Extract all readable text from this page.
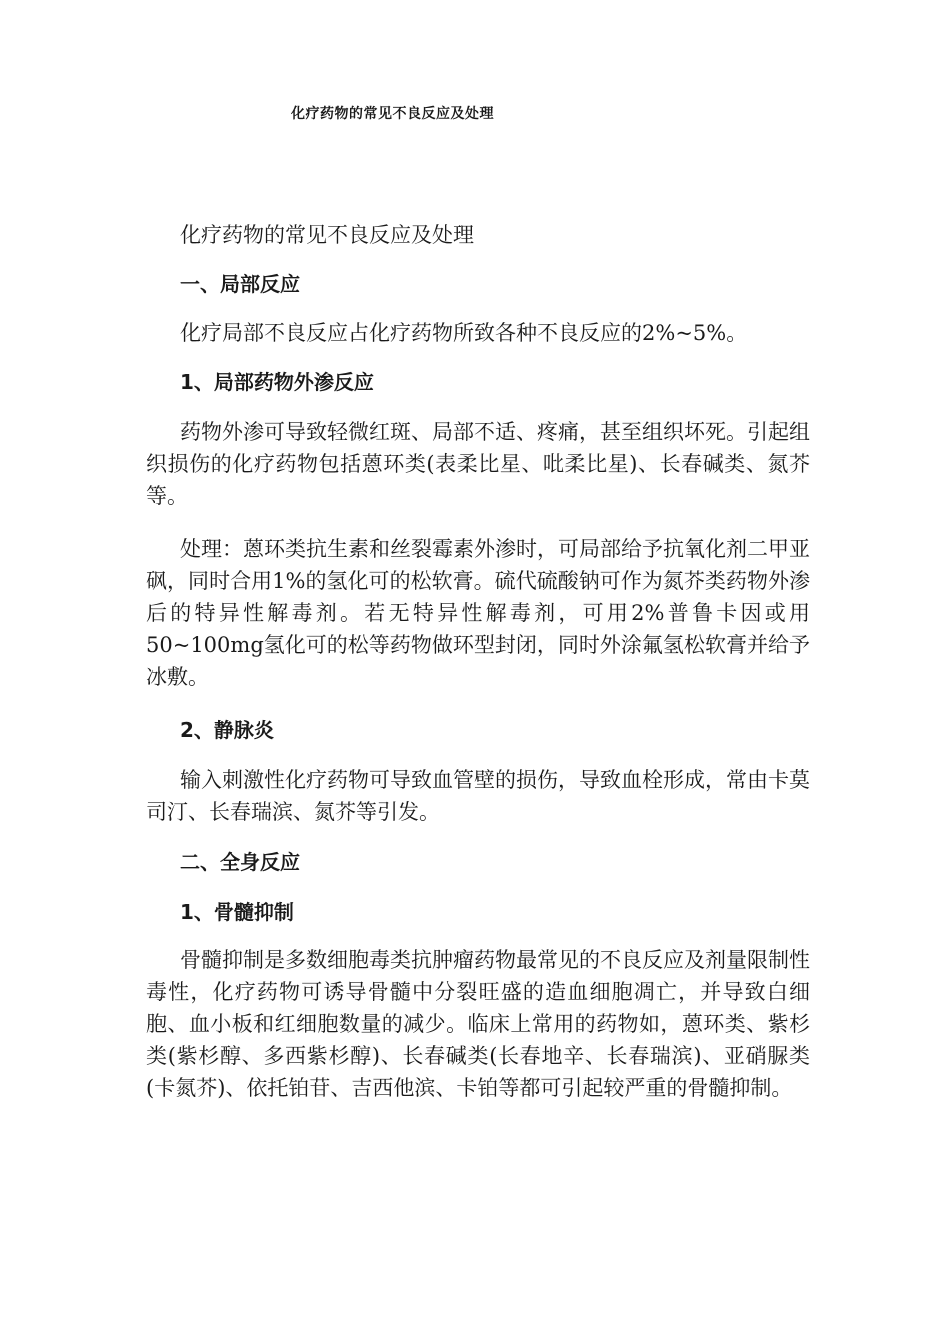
化疗药物的常见不良反应及处理

化疗药物的常见不良反应及处理

一、局部反应

化疗局部不良反应占化疗药物所致各种不良反应的2%~5%。

1、局部药物外渗反应

药物外渗可导致轻微红斑、局部不适、疼痛，甚至组织坏死。引起组织损伤的化疗药物包括蒽环类(表柔比星、吡柔比星)、长春碱类、氮芥等。

处理：蒽环类抗生素和丝裂霉素外渗时，可局部给予抗氧化剂二甲亚砜，同时合用1%的氢化可的松软膏。硫代硫酸钠可作为氮芥类药物外渗后的特异性解毒剂。若无特异性解毒剂，可用2%普鲁卡因或用50~100mg氢化可的松等药物做环型封闭，同时外涂氟氢松软膏并给予冰敷。

2、静脉炎

输入刺激性化疗药物可导致血管壁的损伤，导致血栓形成，常由卡莫司汀、长春瑞滨、氮芥等引发。

二、全身反应

1、骨髓抑制

骨髓抑制是多数细胞毒类抗肿瘤药物最常见的不良反应及剂量限制性毒性，化疗药物可诱导骨髓中分裂旺盛的造血细胞凋亡，并导致白细胞、血小板和红细胞数量的减少。临床上常用的药物如，蒽环类、紫杉类(紫杉醇、多西紫杉醇)、长春碱类(长春地辛、长春瑞滨)、亚硝脲类(卡氮芥)、依托铂苷、吉西他滨、卡铂等都可引起较严重的骨髓抑制。
